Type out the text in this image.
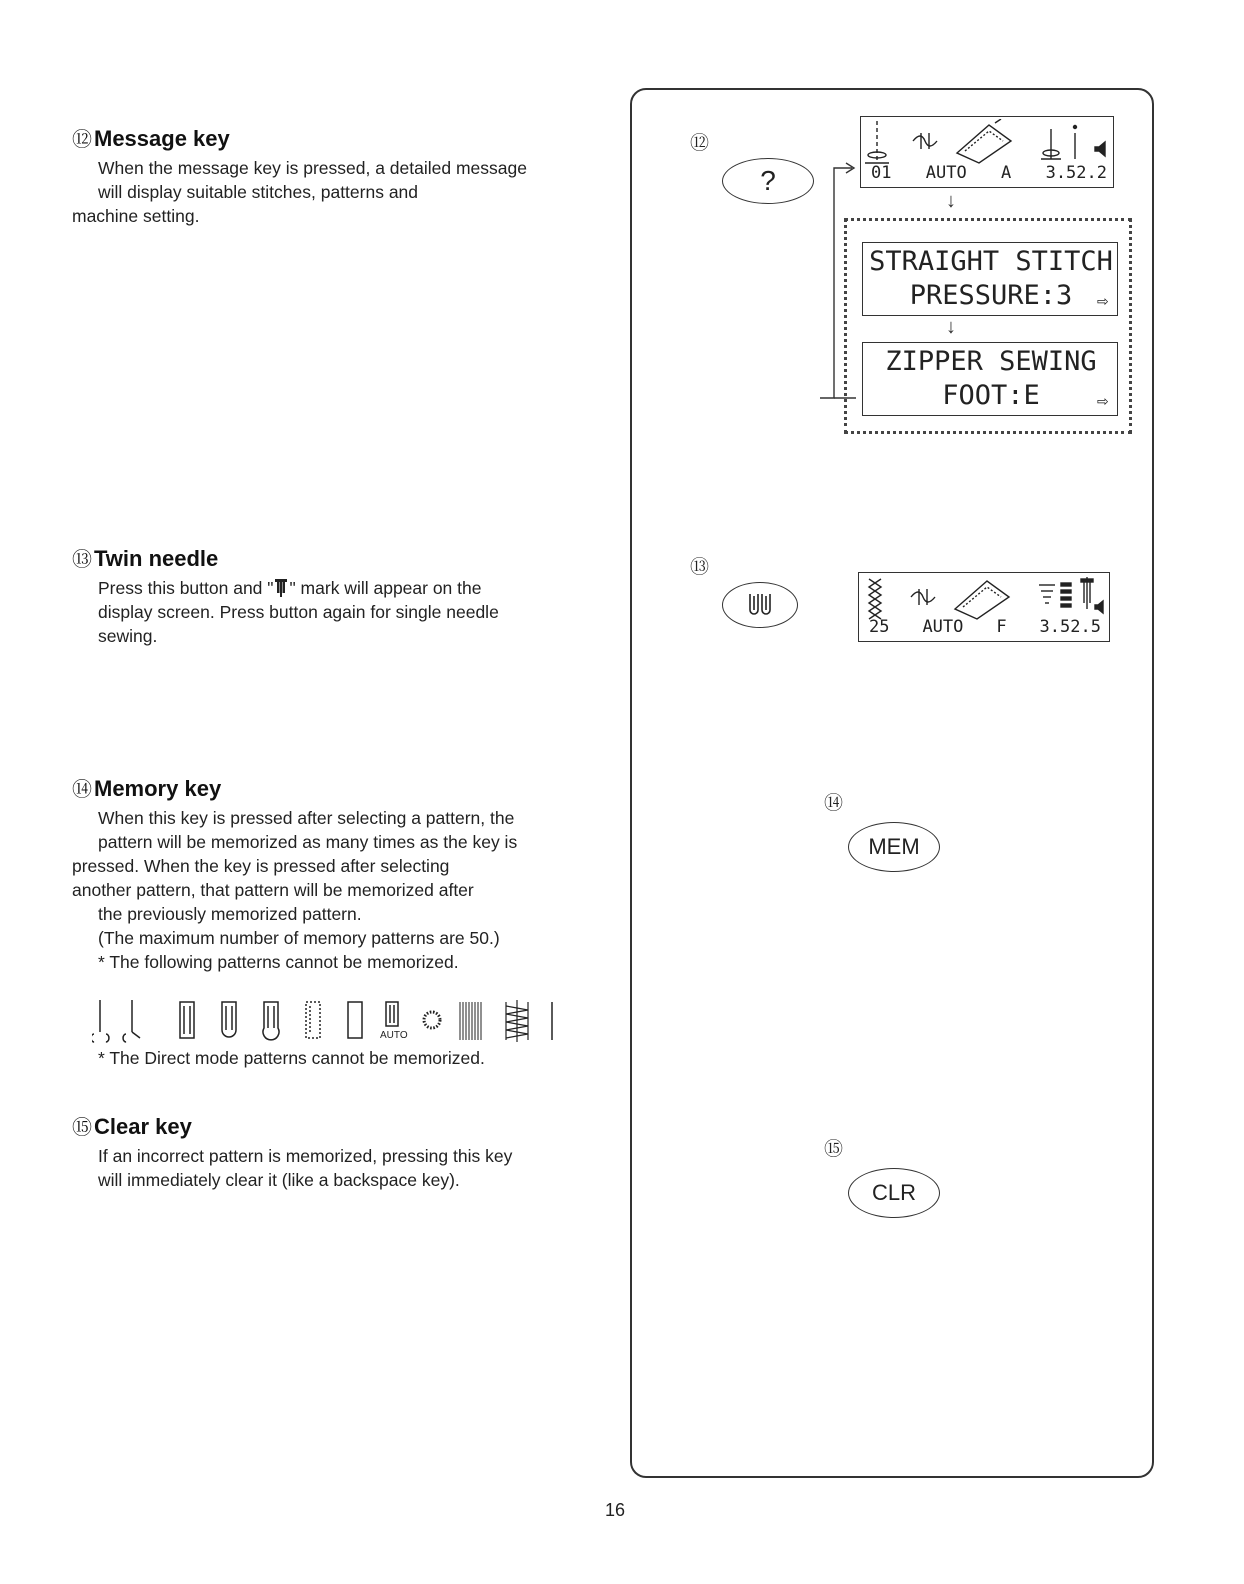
⑫Message key
When the message key is pressed, a detailed message
will display suitable stitches, patterns and
machine setting.
⑬Twin needle
Press this button and " " mark will appear on the
display screen. Press button again for single needle
sewing.
⑭Memory key
When this key is pressed after selecting a pattern, the
pattern will be memorized as many times as the key is
pressed. When the key is pressed after selecting
another pattern, that pattern will be memorized after
the previously memorized pattern.
(The maximum number of memory patterns are 50.)
* The following patterns cannot be memorized.
AUTO
* The Direct mode patterns cannot be memorized.
⑮Clear key
If an incorrect pattern is memorized, pressing this key
will immediately clear it (like a backspace key).
⑫
?	01 AUTO A 3.52.2
↓
STRAIGHT STITCH
PRESSURE:3	⇨
↓
ZIPPER SEWING
FOOT:E	⇨
⑬
25 AUTO F 3.52.5
⑭
MEM
⑮
CLR
16
